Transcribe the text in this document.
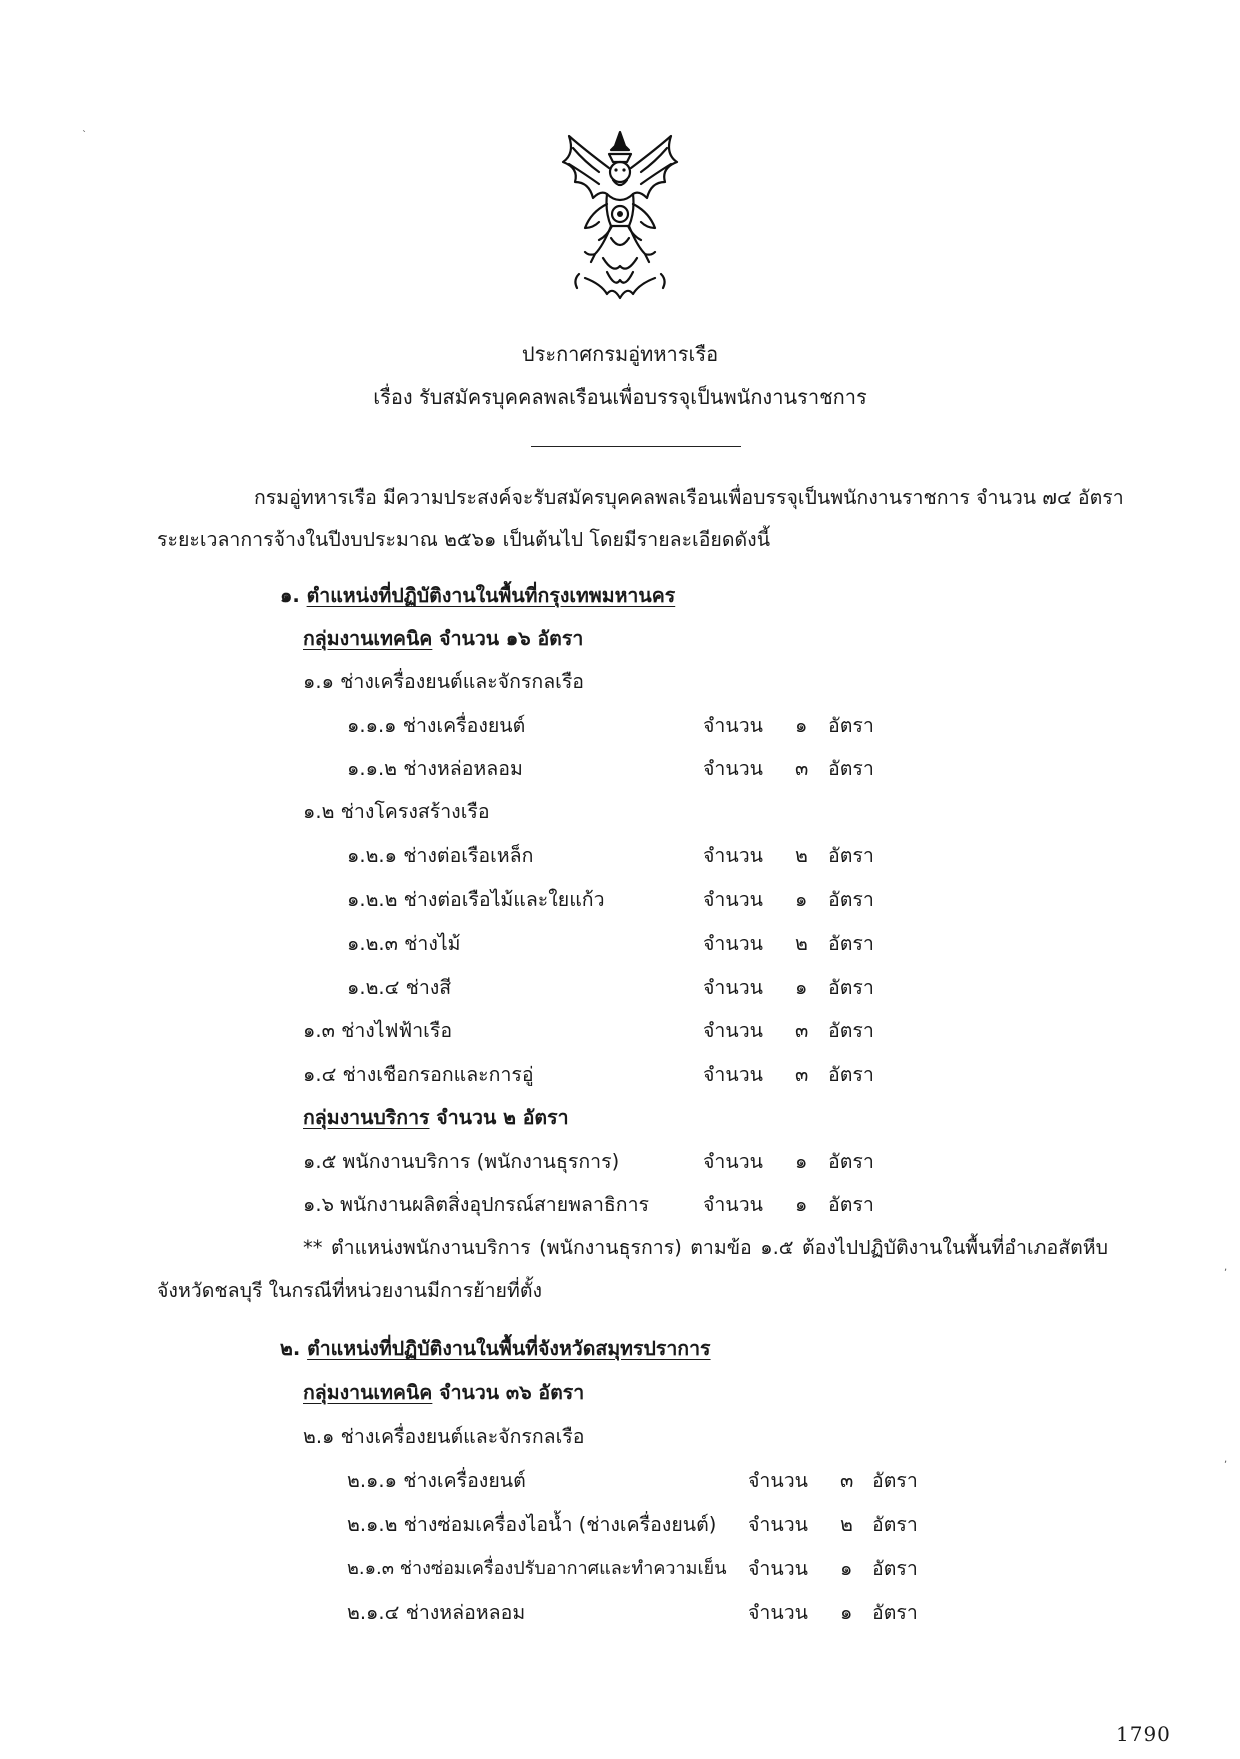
`
,
,
ประกาศกรมอู่ทหารเรือ
เรื่อง รับสมัครบุคคลพลเรือนเพื่อบรรจุเป็นพนักงานราชการ
กรมอู่ทหารเรือ มีความประสงค์จะรับสมัครบุคคลพลเรือนเพื่อบรรจุเป็นพนักงานราชการ จำนวน ๗๔ อัตรา
ระยะเวลาการจ้างในปีงบประมาณ ๒๕๖๑ เป็นต้นไป โดยมีรายละเอียดดังนี้
๑. ตำแหน่งที่ปฏิบัติงานในพื้นที่กรุงเทพมหานคร
กลุ่มงานเทคนิค จำนวน ๑๖ อัตรา
๑.๑ ช่างเครื่องยนต์และจักรกลเรือ
๑.๑.๑ ช่างเครื่องยนต์	จำนวน ๑ อัตรา
๑.๑.๒ ช่างหล่อหลอม	จำนวน ๓ อัตรา
๑.๒ ช่างโครงสร้างเรือ
๑.๒.๑ ช่างต่อเรือเหล็ก	จำนวน ๒ อัตรา
๑.๒.๒ ช่างต่อเรือไม้และใยแก้ว	จำนวน ๑ อัตรา
๑.๒.๓ ช่างไม้	จำนวน ๒ อัตรา
๑.๒.๔ ช่างสี	จำนวน ๑ อัตรา
๑.๓ ช่างไฟฟ้าเรือ	จำนวน ๓ อัตรา
๑.๔ ช่างเชือกรอกและการอู่	จำนวน ๓ อัตรา
กลุ่มงานบริการ จำนวน ๒ อัตรา
๑.๕ พนักงานบริการ (พนักงานธุรการ)	จำนวน ๑ อัตรา
๑.๖ พนักงานผลิตสิ่งอุปกรณ์สายพลาธิการ	จำนวน ๑ อัตรา
** ตำแหน่งพนักงานบริการ (พนักงานธุรการ) ตามข้อ ๑.๕ ต้องไปปฏิบัติงานในพื้นที่อำเภอสัตหีบ
จังหวัดชลบุรี ในกรณีที่หน่วยงานมีการย้ายที่ตั้ง
๒. ตำแหน่งที่ปฏิบัติงานในพื้นที่จังหวัดสมุทรปราการ
กลุ่มงานเทคนิค จำนวน ๓๖ อัตรา
๒.๑ ช่างเครื่องยนต์และจักรกลเรือ
๒.๑.๑ ช่างเครื่องยนต์	จำนวน ๓ อัตรา
๒.๑.๒ ช่างซ่อมเครื่องไอน้ำ (ช่างเครื่องยนต์) จำนวน ๒ อัตรา
๒.๑.๓ ช่างซ่อมเครื่องปรับอากาศและทำความเย็น จำนวน ๑ อัตรา
๒.๑.๔ ช่างหล่อหลอม	จำนวน ๑ อัตรา
1790
